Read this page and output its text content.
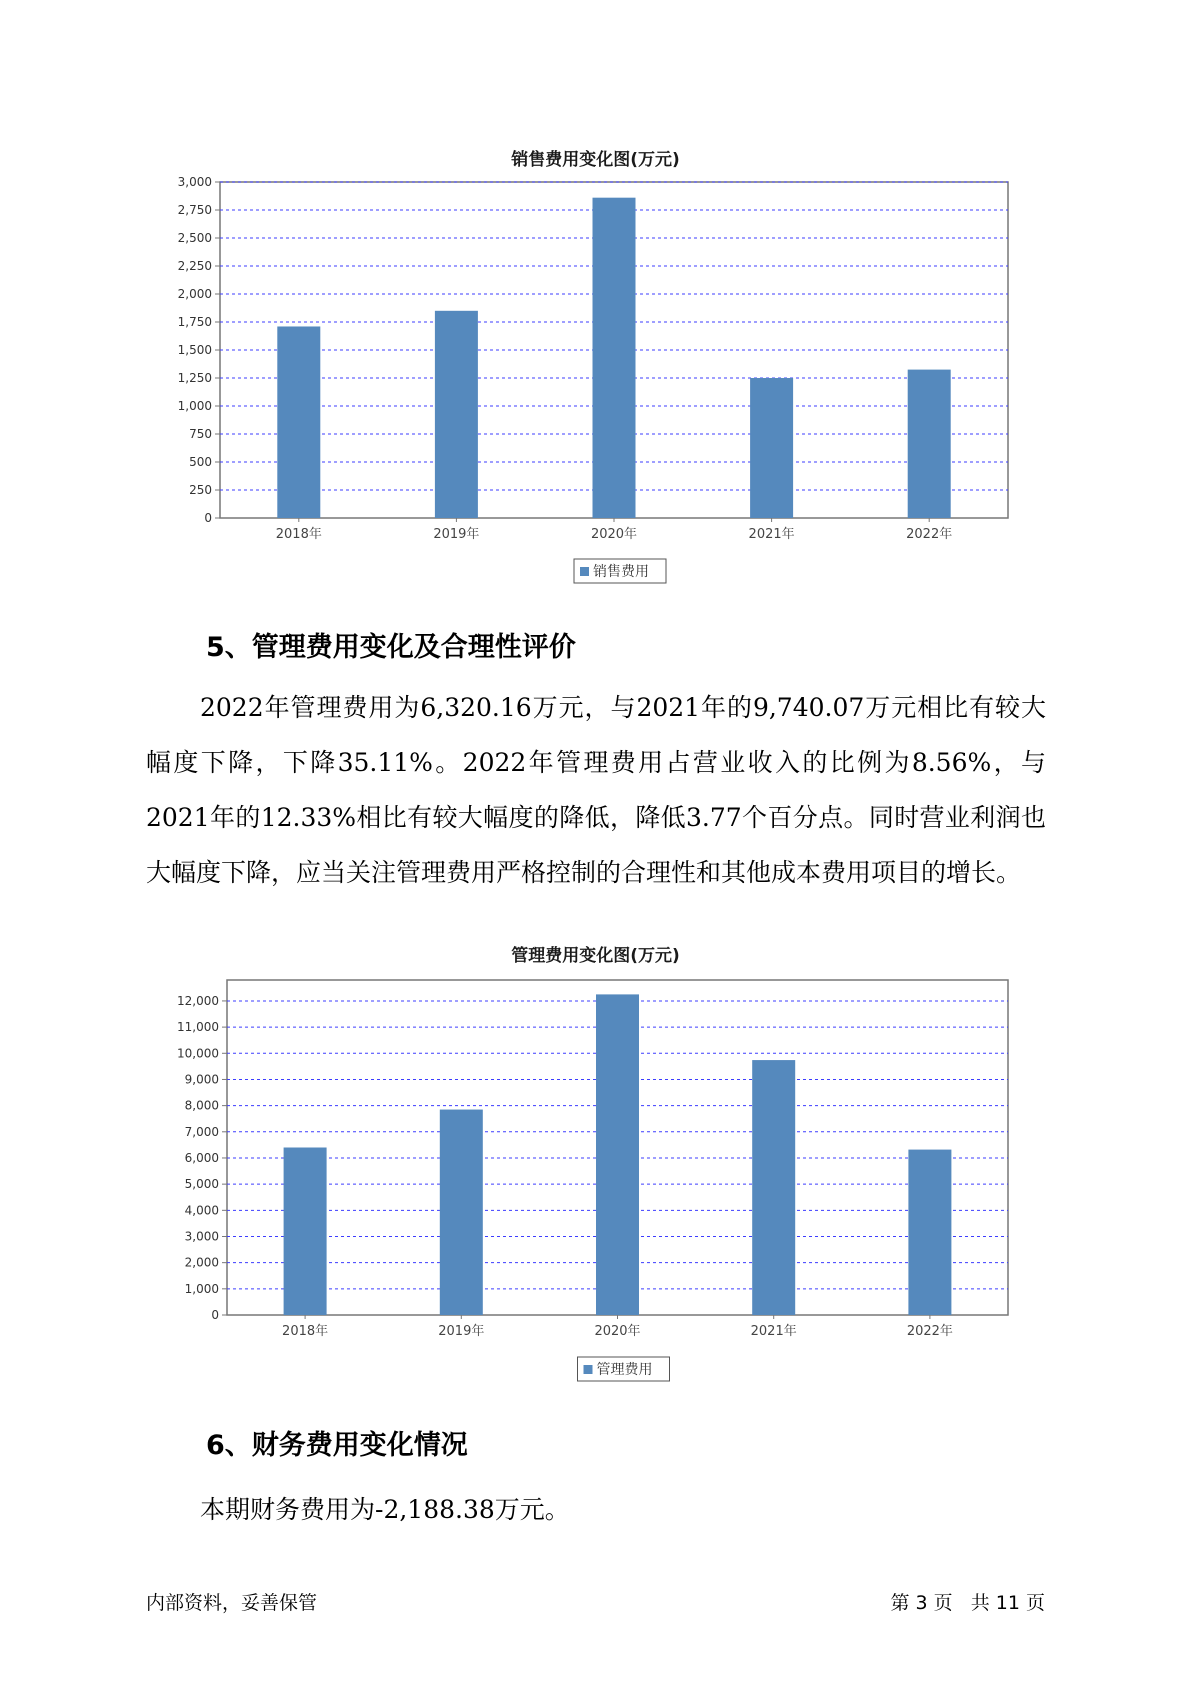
销售费用变化图(万元)
0
250
500
750
1,000
1,250
1,500
1,750
2,000
2,250
2,500
2,750
3,000
2018年	2019年	2020年	2021年	2022年
销售费用
5、管理费用变化及合理性评价

2022年管理费用为6,320.16万元，与2021年的9,740.07万元相比有较大幅度下降，下降35.11%。2022年管理费用占营业收入的比例为8.56%，与2021年的12.33%相比有较大幅度的降低，降低3.77个百分点。同时营业利润也大幅度下降，应当关注管理费用严格控制的合理性和其他成本费用项目的增长。

管理费用变化图(万元)
0
1,000
2,000
3,000
4,000
5,000
6,000
7,000
8,000
9,000
10,000
11,000
12,000
2018年	2019年	2020年	2021年	2022年
管理费用
6、财务费用变化情况

本期财务费用为-2,188.38万元。

内部资料，妥善保管	第 3 页   共 11 页
